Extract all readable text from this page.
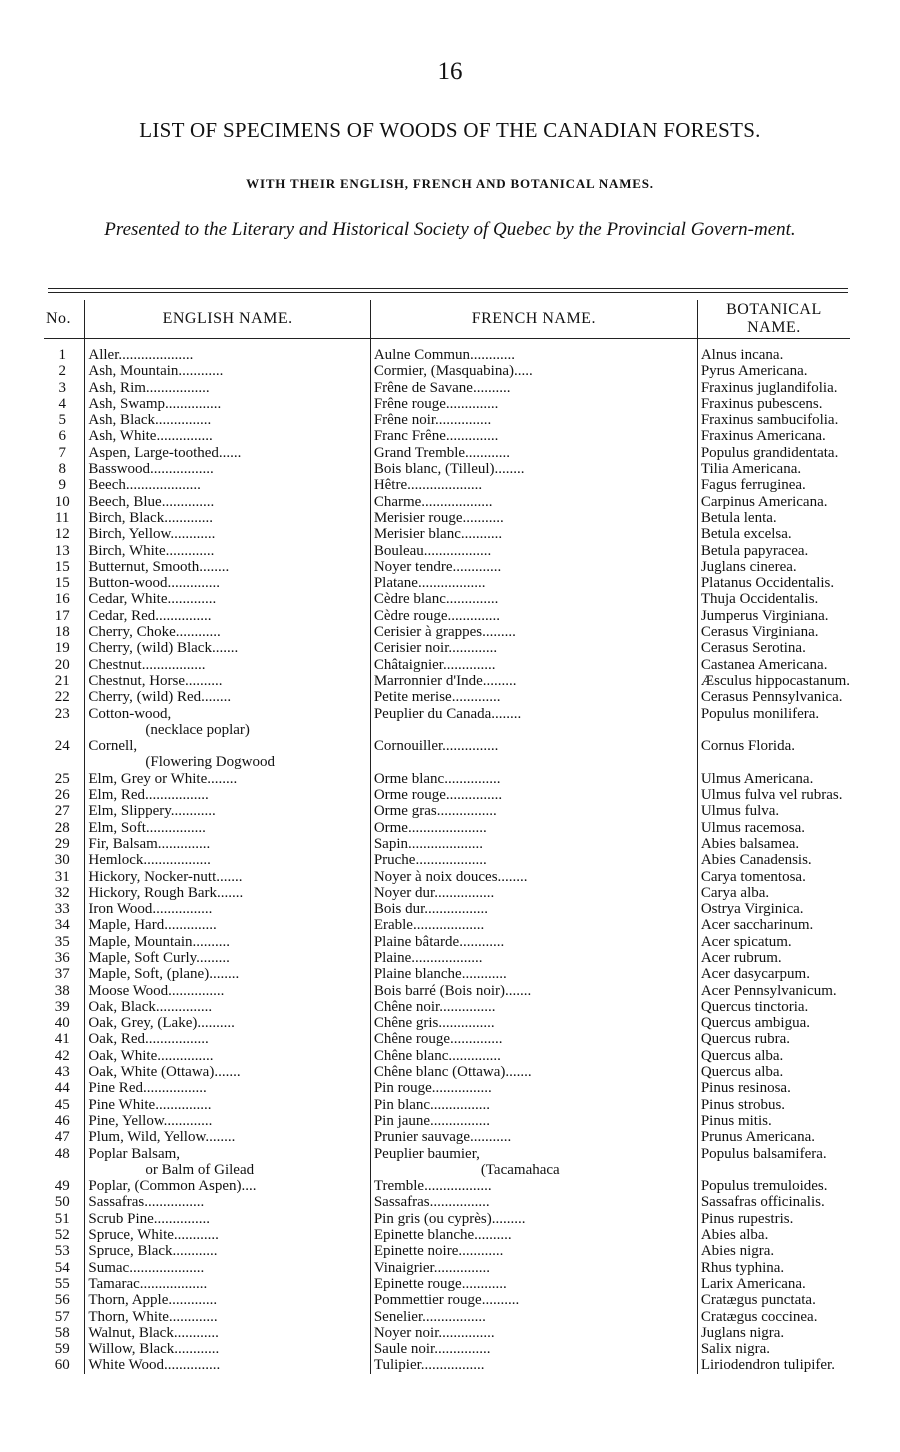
16
LIST OF SPECIMENS OF WOODS OF THE CANADIAN FORESTS.
WITH THEIR ENGLISH, FRENCH AND BOTANICAL NAMES.
Presented to the Literary and Historical Society of Quebec by the Provincial Govern-ment.
No.	ENGLISH NAME.	FRENCH NAME.	BOTANICAL NAME.
1	Aller....................	Aulne Commun............	Alnus incana.
2	Ash, Mountain............	Cormier, (Masquabina).....	Pyrus Americana.
3	Ash, Rim.................	Frêne de Savane..........	Fraxinus juglandifolia.
4	Ash, Swamp...............	Frêne rouge..............	Fraxinus pubescens.
5	Ash, Black...............	Frêne noir...............	Fraxinus sambucifolia.
6	Ash, White...............	Franc Frêne..............	Fraxinus Americana.
7	Aspen, Large-toothed......	Grand Tremble............	Populus grandidentata.
8	Basswood.................	Bois blanc, (Tilleul)........	Tilia Americana.
9	Beech....................	Hêtre....................	Fagus ferruginea.
10	Beech, Blue..............	Charme...................	Carpinus Americana.
11	Birch, Black.............	Merisier rouge...........	Betula lenta.
12	Birch, Yellow............	Merisier blanc...........	Betula excelsa.
13	Birch, White.............	Bouleau..................	Betula papyracea.
15	Butternut, Smooth........	Noyer tendre.............	Juglans cinerea.
15	Button-wood..............	Platane..................	Platanus Occidentalis.
16	Cedar, White.............	Cèdre blanc..............	Thuja Occidentalis.
17	Cedar, Red...............	Cèdre rouge..............	Jumperus Virginiana.
18	Cherry, Choke............	Cerisier à grappes.........	Cerasus Virginiana.
19	Cherry, (wild) Black.......	Cerisier noir.............	Cerasus Serotina.
20	Chestnut.................	Châtaignier..............	Castanea Americana.
21	Chestnut, Horse..........	Marronnier d'Inde.........	Æsculus hippocastanum.
22	Cherry, (wild) Red........	Petite merise.............	Cerasus Pennsylvanica.
23	Cotton-wood,	Peuplier du Canada........	Populus monilifera.
	(necklace poplar)		
24	Cornell,	Cornouiller...............	Cornus Florida.
	(Flowering Dogwood		
25	Elm, Grey or White........	Orme blanc...............	Ulmus Americana.
26	Elm, Red.................	Orme rouge...............	Ulmus fulva vel rubras.
27	Elm, Slippery............	Orme gras................	Ulmus fulva.
28	Elm, Soft................	Orme.....................	Ulmus racemosa.
29	Fir, Balsam..............	Sapin....................	Abies balsamea.
30	Hemlock..................	Pruche...................	Abies Canadensis.
31	Hickory, Nocker-nutt.......	Noyer à noix douces........	Carya tomentosa.
32	Hickory, Rough Bark.......	Noyer dur................	Carya alba.
33	Iron Wood................	Bois dur.................	Ostrya Virginica.
34	Maple, Hard..............	Erable...................	Acer saccharinum.
35	Maple, Mountain..........	Plaine bâtarde............	Acer spicatum.
36	Maple, Soft Curly.........	Plaine...................	Acer rubrum.
37	Maple, Soft, (plane)........	Plaine blanche............	Acer dasycarpum.
38	Moose Wood...............	Bois barré (Bois noir).......	Acer Pennsylvanicum.
39	Oak, Black...............	Chêne noir...............	Quercus tinctoria.
40	Oak, Grey, (Lake)..........	Chêne gris...............	Quercus ambigua.
41	Oak, Red.................	Chêne rouge..............	Quercus rubra.
42	Oak, White...............	Chêne blanc..............	Quercus alba.
43	Oak, White (Ottawa).......	Chêne blanc (Ottawa).......	Quercus alba.
44	Pine Red.................	Pin rouge................	Pinus resinosa.
45	Pine White...............	Pin blanc................	Pinus strobus.
46	Pine, Yellow.............	Pin jaune................	Pinus mitis.
47	Plum, Wild, Yellow........	Prunier sauvage...........	Prunus Americana.
48	Poplar Balsam,	Peuplier baumier,	Populus balsamifera.
	or Balm of Gilead	(Tacamahaca	
49	Poplar, (Common Aspen)....	Tremble..................	Populus tremuloides.
50	Sassafras................	Sassafras................	Sassafras officinalis.
51	Scrub Pine...............	Pin gris (ou cyprès).........	Pinus rupestris.
52	Spruce, White............	Epinette blanche..........	Abies alba.
53	Spruce, Black............	Epinette noire............	Abies nigra.
54	Sumac....................	Vinaigrier...............	Rhus typhina.
55	Tamarac..................	Epinette rouge............	Larix Americana.
56	Thorn, Apple.............	Pommettier rouge..........	Cratægus punctata.
57	Thorn, White.............	Senelier.................	Cratægus coccinea.
58	Walnut, Black............	Noyer noir...............	Juglans nigra.
59	Willow, Black............	Saule noir...............	Salix nigra.
60	White Wood...............	Tulipier.................	Liriodendron tulipifer.
